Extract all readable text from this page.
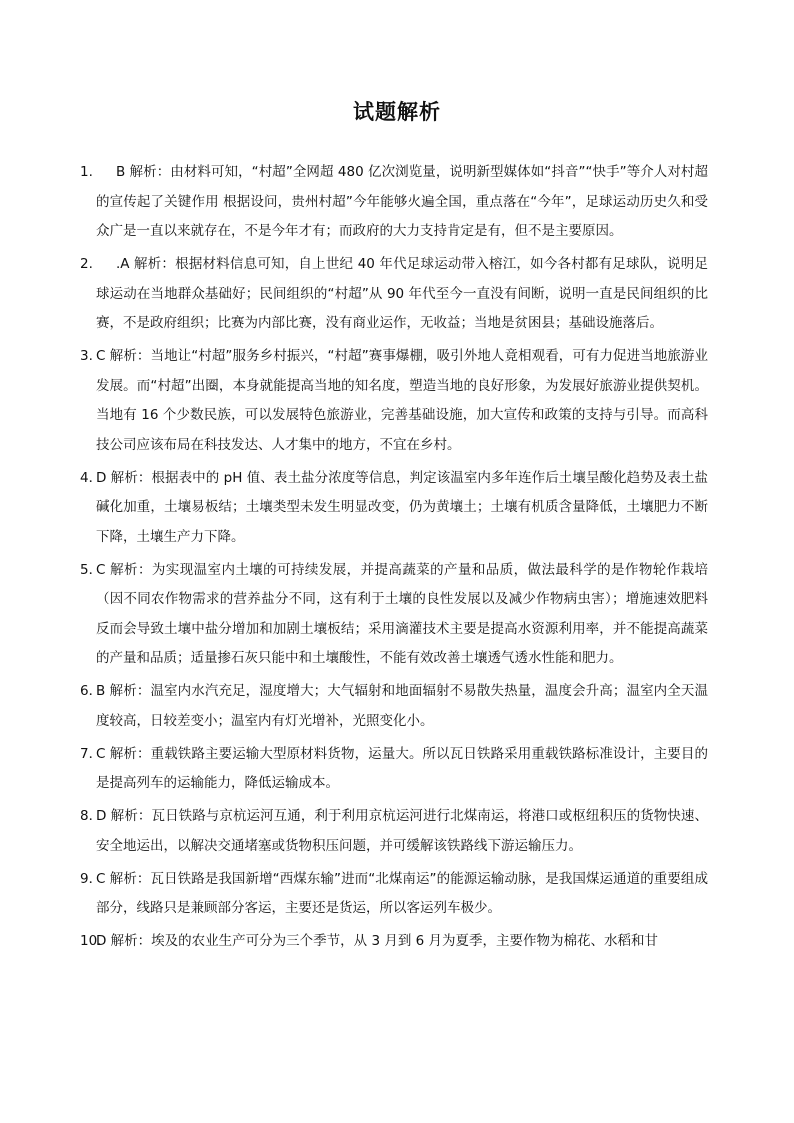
试题解析
1. B 解析：由材料可知，“村超”全网超 480 亿次浏览量，说明新型媒体如“抖音”“快手”等介人对村超的宣传起了关键作用 根据设问，贵州村超”今年能够火遍全国，重点落在“今年”，足球运动历史久和受众广是一直以来就存在，不是今年才有；而政府的大力支持肯定是有，但不是主要原因。
2. .A 解析：根据材料信息可知，自上世纪 40 年代足球运动带入榕江，如今各村都有足球队，说明足球运动在当地群众基础好；民间组织的“村超”从 90 年代至今一直没有间断，说明一直是民间组织的比赛，不是政府组织；比赛为内部比赛，没有商业运作，无收益；当地是贫困县；基础设施落后。
3. C 解析：当地让“村超”服务乡村振兴，“村超”赛事爆棚，吸引外地人竟相观看，可有力促进当地旅游业发展。而“村超”出圈，本身就能提高当地的知名度，塑造当地的良好形象，为发展好旅游业提供契机。当地有 16 个少数民族，可以发展特色旅游业，完善基础设施，加大宣传和政策的支持与引导。而高科技公司应该布局在科技发达、人才集中的地方，不宜在乡村。
4．
D 解析：根据表中的 pH 值、表土盐分浓度等信息，判定该温室内多年连作后土壤呈酸化趋势及表土盐碱化加重，土壤易板结；土壤类型未发生明显改变，仍为黄壤土；土壤有机质含量降低，土壤肥力不断下降，土壤生产力下降。
5．
C 解析：为实现温室内土壤的可持续发展，并提高蔬菜的产量和品质，做法最科学的是作物轮作栽培（因不同农作物需求的营养盐分不同，这有利于土壤的良性发展以及减少作物病虫害）；增施速效肥料反而会导致土壤中盐分增加和加剧土壤板结；采用滴灌技术主要是提高水资源利用率，并不能提高蔬菜的产量和品质；适量掺石灰只能中和土壤酸性，不能有效改善土壤透气透水性能和肥力。
6．
B 解析：温室内水汽充足，湿度增大；大气辐射和地面辐射不易散失热量，温度会升高；温室内全天温度较高，日较差变小；温室内有灯光增补，光照变化小。
7．
C 解析：重载铁路主要运输大型原材料货物，运量大。所以瓦日铁路采用重载铁路标准设计，主要目的是提高列车的运输能力，降低运输成本。
8．
D 解析：瓦日铁路与京杭运河互通，利于利用京杭运河进行北煤南运，将港口或枢纽积压的货物快速、安全地运出，以解决交通堵塞或货物积压问题，并可缓解该铁路线下游运输压力。
9．
C 解析：瓦日铁路是我国新增“西煤东输”进而“北煤南运”的能源运输动脉，是我国煤运通道的重要组成部分，线路只是兼顾部分客运，主要还是货运，所以客运列车极少。
10.
D 解析：埃及的农业生产可分为三个季节，从 3 月到 6 月为夏季，主要作物为棉花、水稻和甘
